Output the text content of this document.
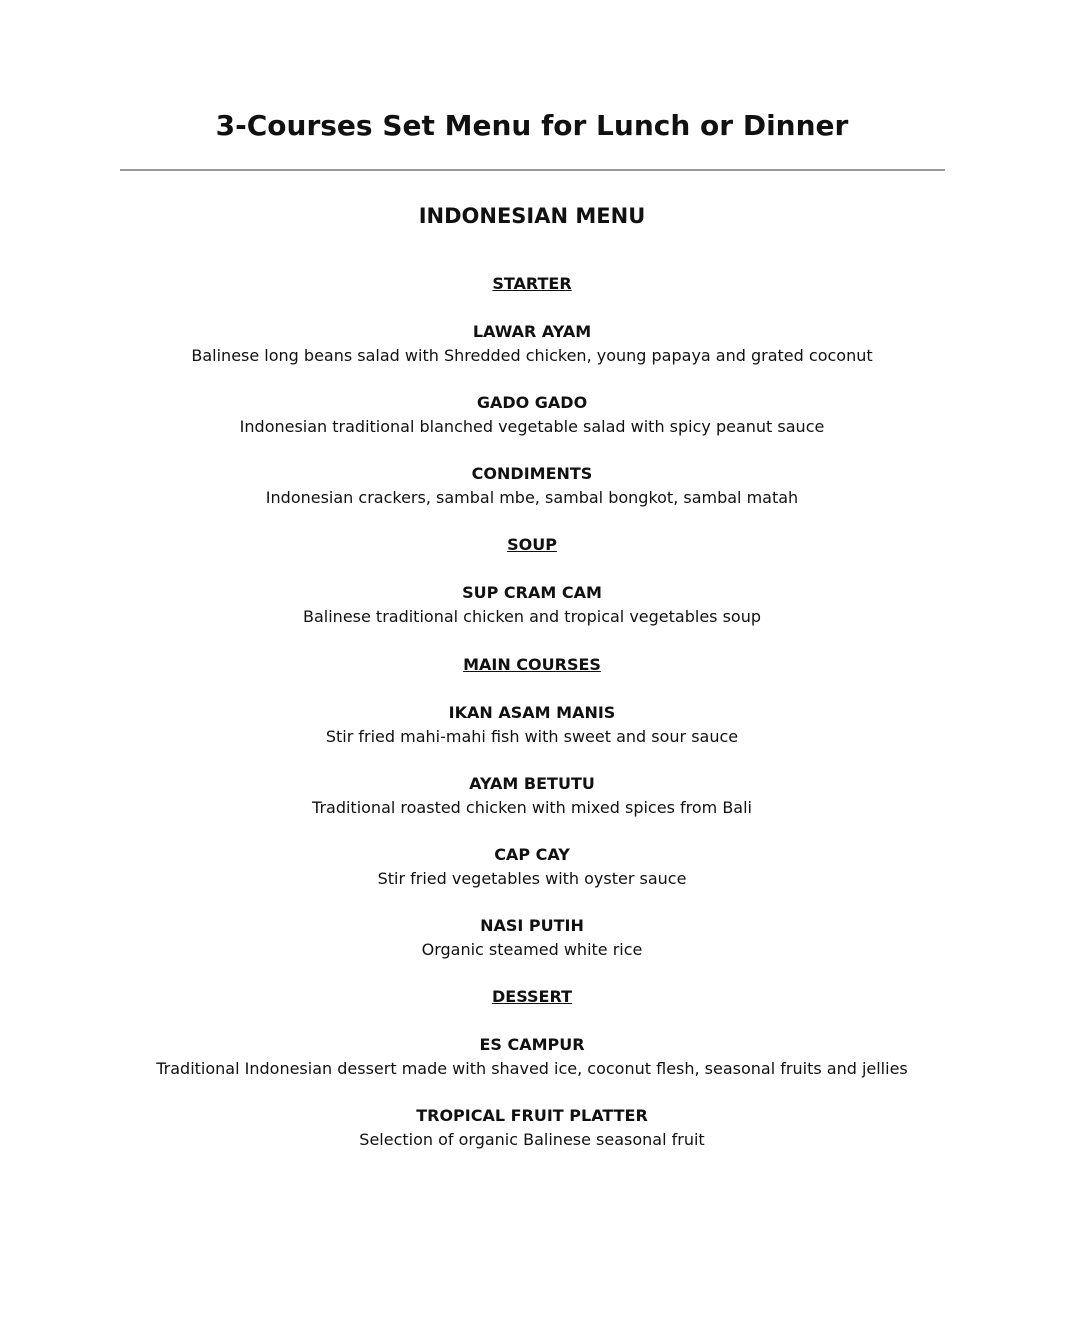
3-Courses Set Menu for Lunch or Dinner
INDONESIAN MENU
STARTER
LAWAR AYAM
Balinese long beans salad with Shredded chicken, young papaya and grated coconut
GADO GADO
Indonesian traditional blanched vegetable salad with spicy peanut sauce
CONDIMENTS
Indonesian crackers, sambal mbe, sambal bongkot, sambal matah
SOUP
SUP CRAM CAM
Balinese traditional chicken and tropical vegetables soup
MAIN COURSES
IKAN ASAM MANIS
Stir fried mahi-mahi fish with sweet and sour sauce
AYAM BETUTU
Traditional roasted chicken with mixed spices from Bali
CAP CAY
Stir fried vegetables with oyster sauce
NASI PUTIH
Organic steamed white rice
DESSERT
ES CAMPUR
Traditional Indonesian dessert made with shaved ice, coconut flesh, seasonal fruits and jellies
TROPICAL FRUIT PLATTER
Selection of organic Balinese seasonal fruit
